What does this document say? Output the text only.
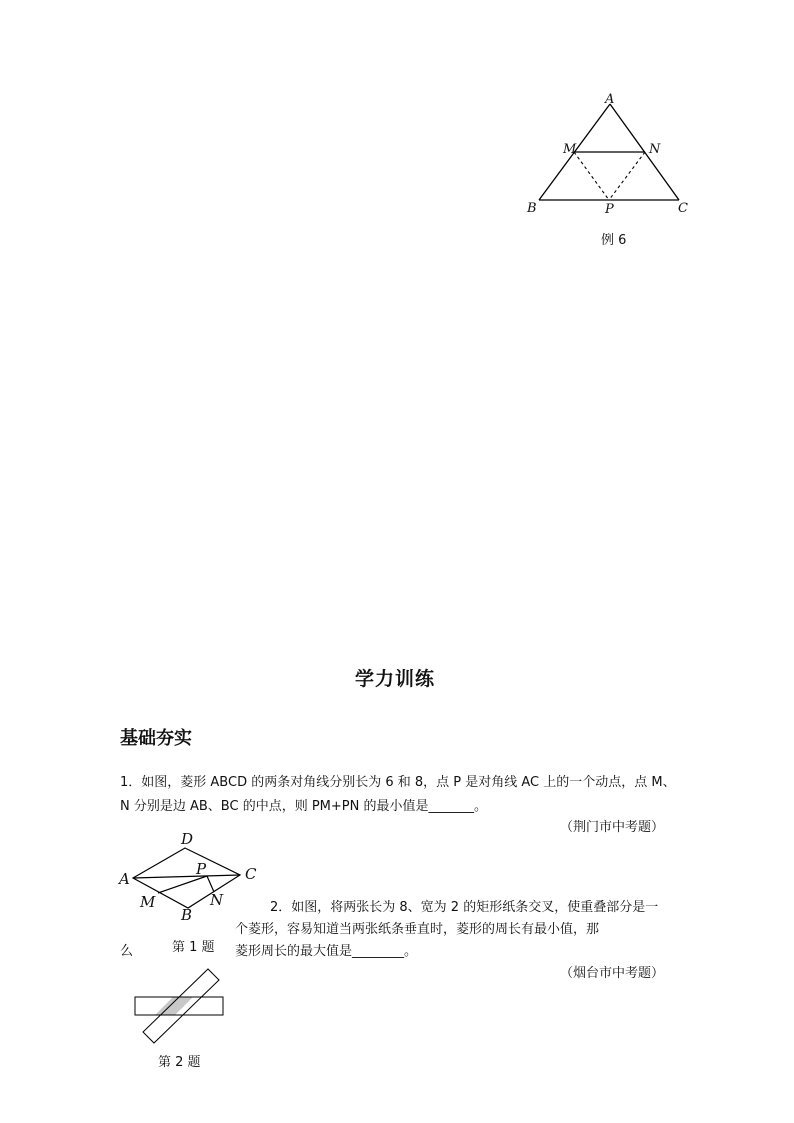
A
M	N
B	P	C
例 6
学力训练
基础夯实
1．如图，菱形 ABCD 的两条对角线分别长为 6 和 8，点 P 是对角线 AC 上的一个动点，点 M、
N 分别是边 AB、BC 的中点，则 PM+PN 的最小值是_______。
（荆门市中考题）
D
A
P	C
M	N
B
第 1 题
2．如图，将两张长为 8、宽为 2 的矩形纸条交叉，使重叠部分是一
个菱形，容易知道当两张纸条垂直时，菱形的周长有最小值，那
么	菱形周长的最大值是________。
（烟台市中考题）
第 2 题
